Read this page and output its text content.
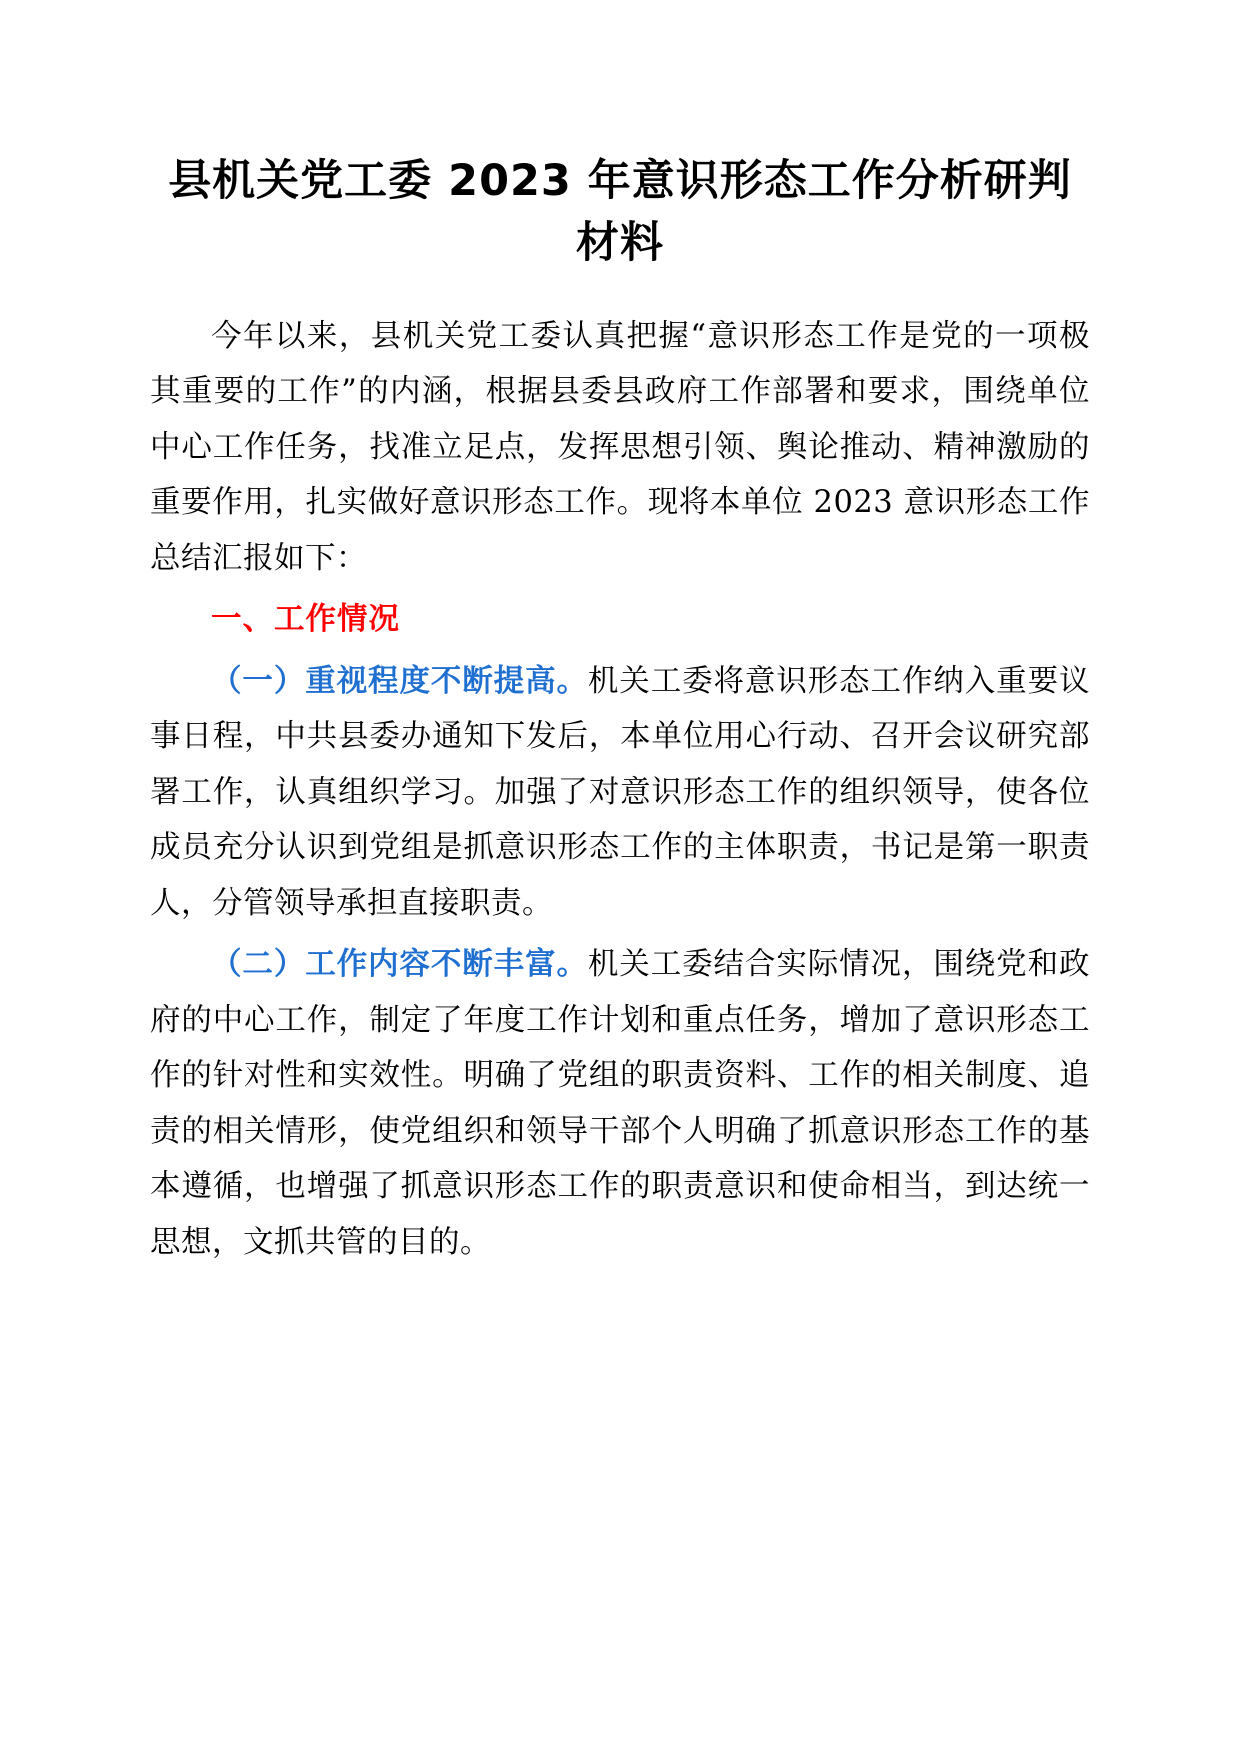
县机关党工委 2023 年意识形态工作分析研判材料

今年以来，县机关党工委认真把握“意识形态工作是党的一项极其重要的工作”的内涵，根据县委县政府工作部署和要求，围绕单位中心工作任务，找准立足点，发挥思想引领、舆论推动、精神激励的重要作用，扎实做好意识形态工作。现将本单位 2023 意识形态工作总结汇报如下：

一、工作情况

（一）重视程度不断提高。机关工委将意识形态工作纳入重要议事日程，中共县委办通知下发后，本单位用心行动、召开会议研究部署工作，认真组织学习。加强了对意识形态工作的组织领导，使各位成员充分认识到党组是抓意识形态工作的主体职责，书记是第一职责人，分管领导承担直接职责。

（二）工作内容不断丰富。机关工委结合实际情况，围绕党和政府的中心工作，制定了年度工作计划和重点任务，增加了意识形态工作的针对性和实效性。明确了党组的职责资料、工作的相关制度、追责的相关情形，使党组织和领导干部个人明确了抓意识形态工作的基本遵循，也增强了抓意识形态工作的职责意识和使命相当，到达统一思想，文抓共管的目的。
